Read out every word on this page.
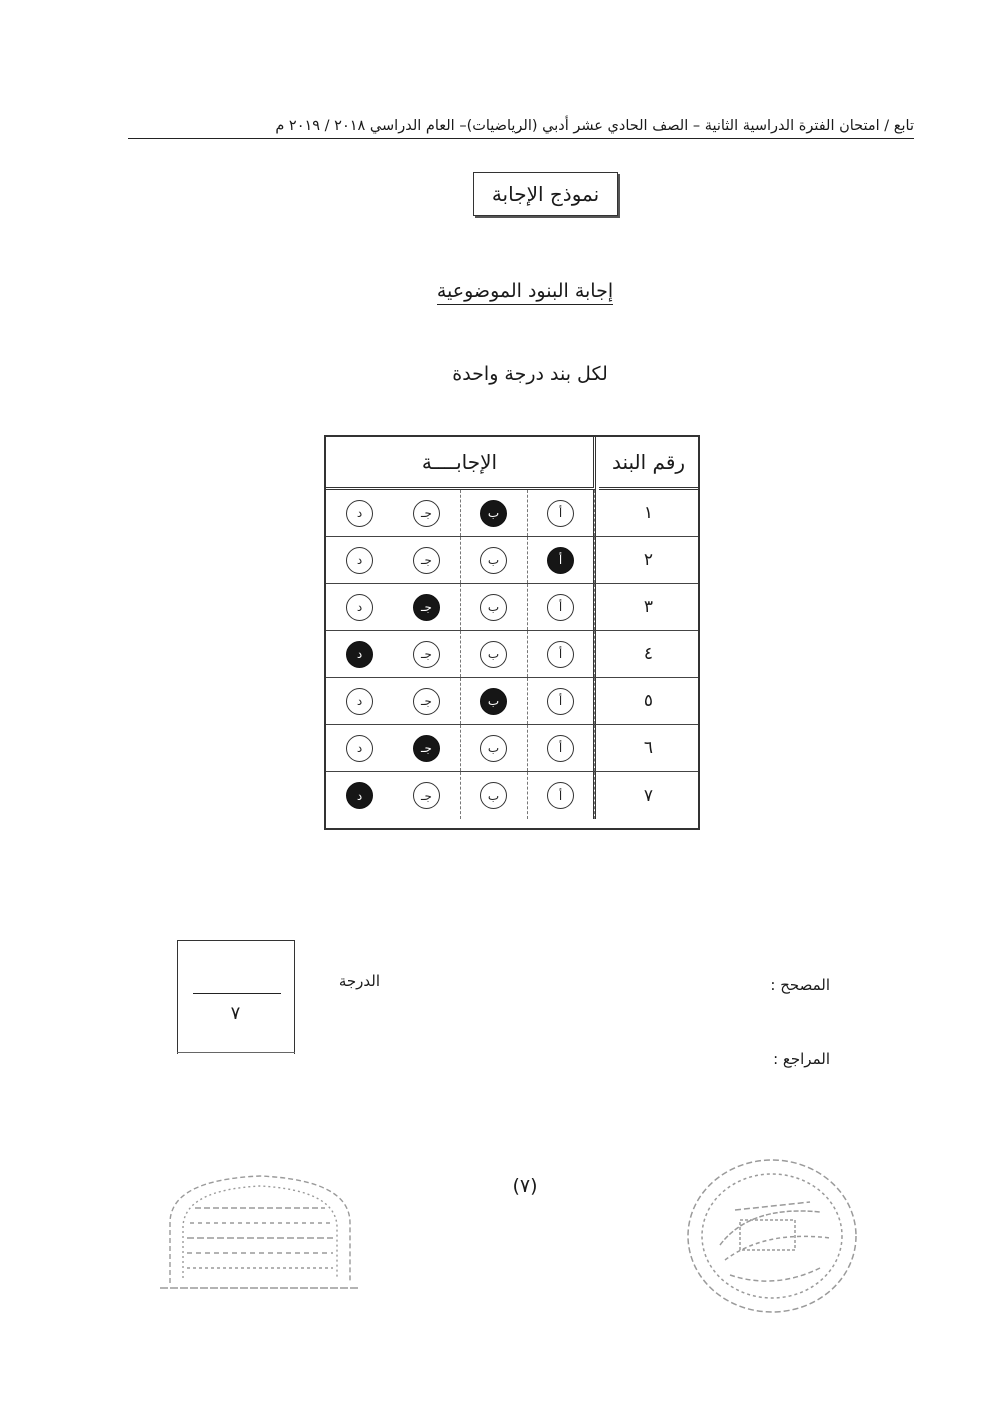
تابع / امتحان الفترة الدراسية الثانية – الصف الحادي عشر أدبي (الرياضيات)– العام الدراسي ٢٠١٨ / ٢٠١٩ م
نموذج الإجابة
إجابة البنود الموضوعية
لكل بند درجة واحدة
الإجابــــة	رقم البند
١
أ
ب
جـ
د
٢
أ
ب
جـ
د
٣
أ
ب
جـ
د
٤
أ
ب
جـ
د
٥
أ
ب
جـ
د
٦
أ
ب
جـ
د
٧
أ
ب
جـ
د
٧
الدرجة	المصحح :
المراجع :
(٧)
